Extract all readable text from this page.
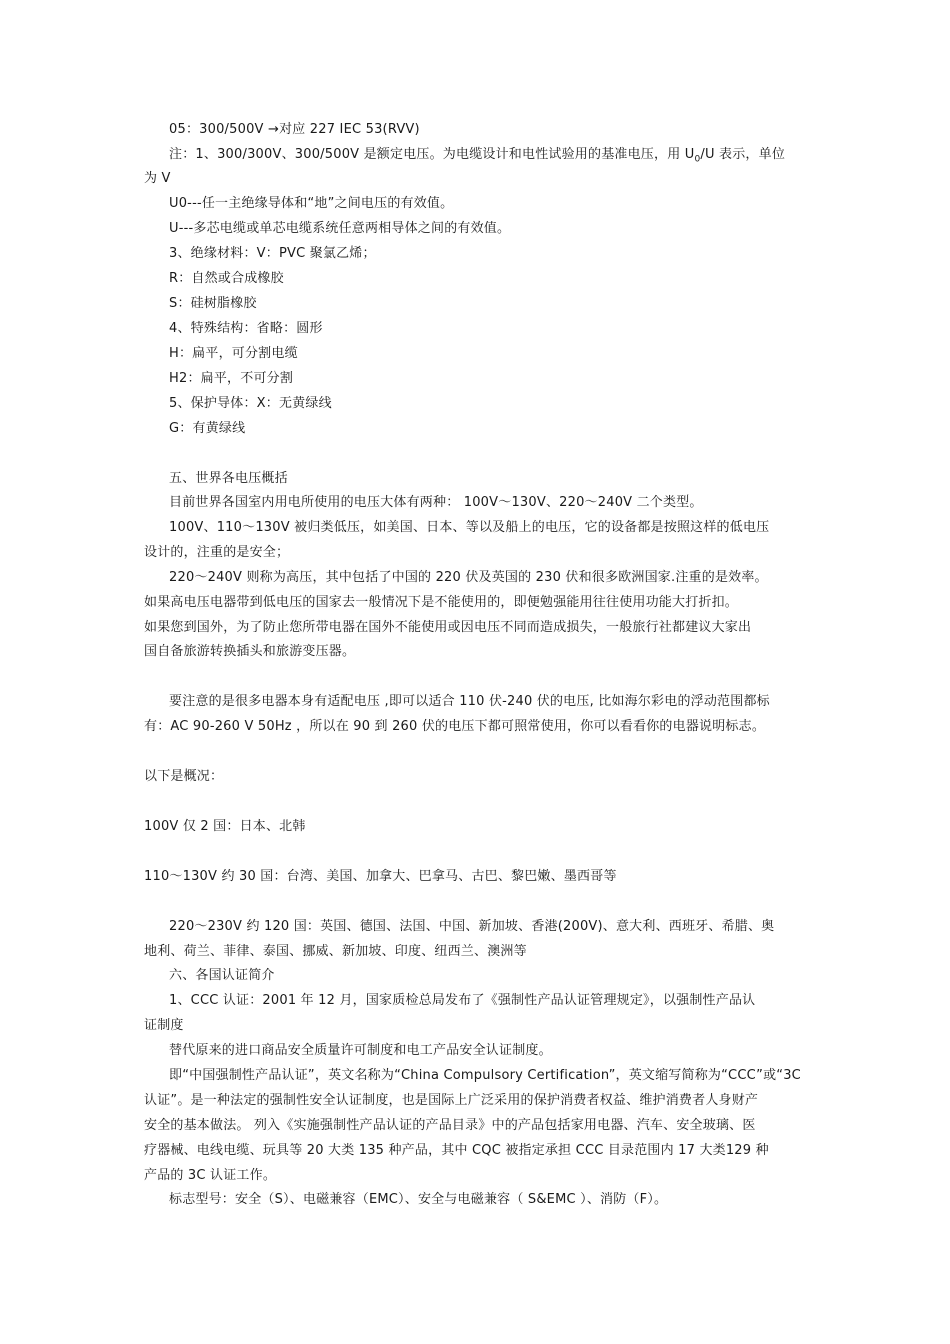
05：300/500V →对应 227 IEC 53(RVV)
注：1、300/300V、300/500V 是额定电压。为电缆设计和电性试验用的基准电压，用 $U_0/U$ 表示，单位
为 V
U0---任一主绝缘导体和“地”之间电压的有效值。
U---多芯电缆或单芯电缆系统任意两相导体之间的有效值。
3、绝缘材料：V：PVC 聚氯乙烯；
R：自然或合成橡胶
S：硅树脂橡胶
4、特殊结构：省略：圆形
H：扁平，可分割电缆
H2：扁平，不可分割
5、保护导体：X：无黄绿线
G：有黄绿线
五、世界各电压概括
目前世界各国室内用电所使用的电压大体有两种： 100V～130V、220～240V 二个类型。
100V、110～130V 被归类低压，如美国、日本、等以及船上的电压，它的设备都是按照这样的低电压
设计的，注重的是安全；
220～240V 则称为高压，其中包括了中国的 220 伏及英国的 230 伏和很多欧洲国家.注重的是效率。
如果高电压电器带到低电压的国家去一般情况下是不能使用的，即便勉强能用往往使用功能大打折扣。
如果您到国外，为了防止您所带电器在国外不能使用或因电压不同而造成损失，一般旅行社都建议大家出
国自备旅游转换插头和旅游变压器。
要注意的是很多电器本身有适配电压 ,即可以适合 110 伏-240 伏的电压, 比如海尔彩电的浮动范围都标
有：AC 90-260 V 50Hz ，所以在 90 到 260 伏的电压下都可照常使用，你可以看看你的电器说明标志。
以下是概况：
100V 仅 2 国：日本、北韩
110～130V 约 30 国：台湾、美国、加拿大、巴拿马、古巴、黎巴嫩、墨西哥等
220～230V 约 120 国：英国、德国、法国、中国、新加坡、香港(200V)、意大利、西班牙、希腊、奥
地利、荷兰、菲律、泰国、挪威、新加坡、印度、纽西兰、澳洲等
六、各国认证简介
1、CCC 认证：2001 年 12 月，国家质检总局发布了《强制性产品认证管理规定》，以强制性产品认
证制度
替代原来的进口商品安全质量许可制度和电工产品安全认证制度。
即“中国强制性产品认证”，英文名称为“China Compulsory Certification”，英文缩写简称为“CCC”或“3C
认证”。是一种法定的强制性安全认证制度，也是国际上广泛采用的保护消费者权益、维护消费者人身财产
安全的基本做法。 列入《实施强制性产品认证的产品目录》中的产品包括家用电器、汽车、安全玻璃、医
疗器械、电线电缆、玩具等 20 大类 135 种产品，其中 CQC 被指定承担 CCC 目录范围内 17 大类129 种
产品的 3C 认证工作。
标志型号：安全（S）、电磁兼容（EMC）、安全与电磁兼容（ S&EMC ）、消防（F）。
